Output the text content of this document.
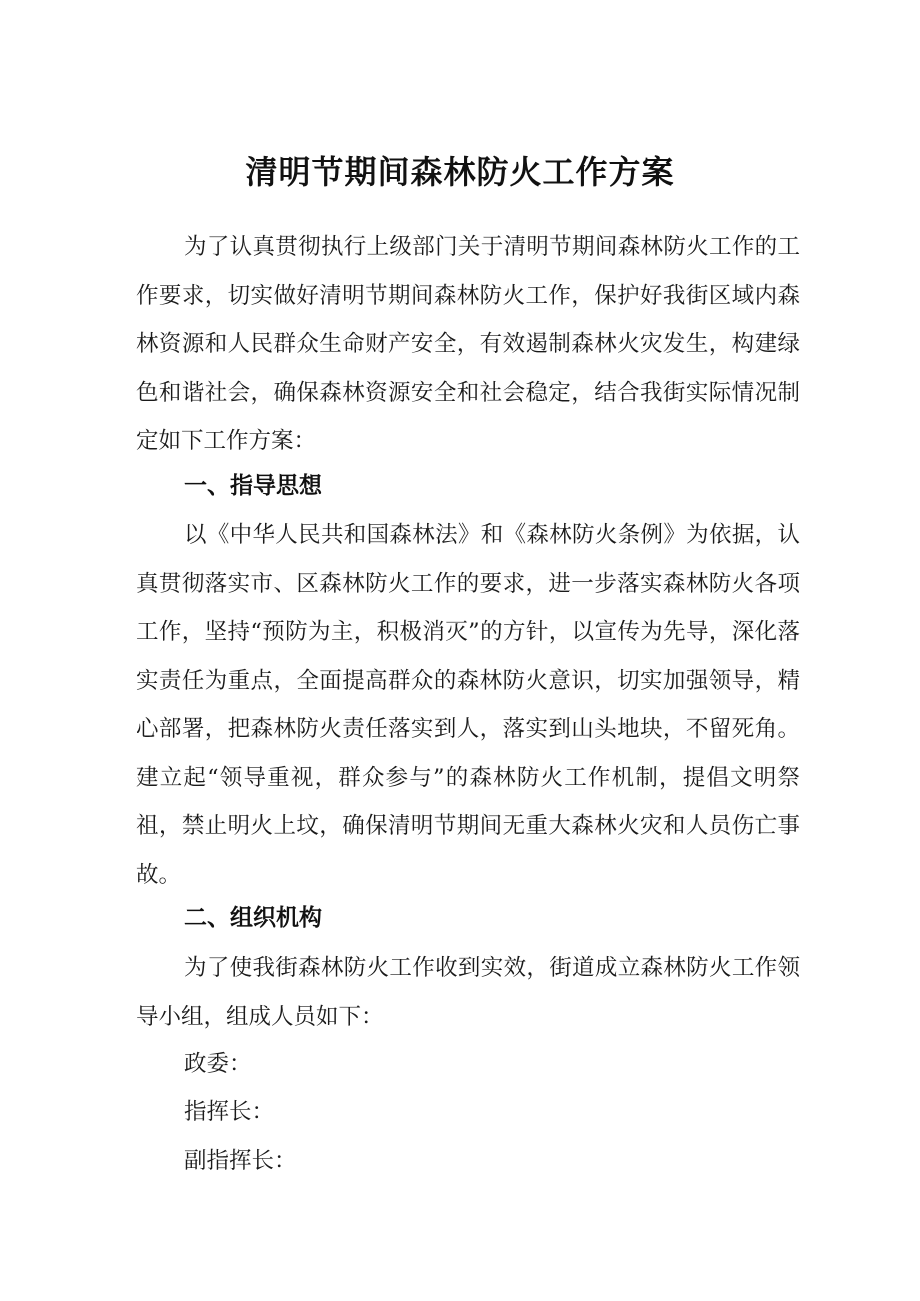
清明节期间森林防火工作方案

为了认真贯彻执行上级部门关于清明节期间森林防火工作的工作要求，切实做好清明节期间森林防火工作，保护好我街区域内森林资源和人民群众生命财产安全，有效遏制森林火灾发生，构建绿色和谐社会，确保森林资源安全和社会稳定，结合我街实际情况制定如下工作方案：

一、指导思想

以《中华人民共和国森林法》和《森林防火条例》为依据，认真贯彻落实市、区森林防火工作的要求，进一步落实森林防火各项工作，坚持“预防为主，积极消灭”的方针，以宣传为先导，深化落实责任为重点，全面提高群众的森林防火意识，切实加强领导，精心部署，把森林防火责任落实到人，落实到山头地块，不留死角。建立起“领导重视，群众参与”的森林防火工作机制，提倡文明祭祖，禁止明火上坟，确保清明节期间无重大森林火灾和人员伤亡事故。

二、组织机构

为了使我街森林防火工作收到实效，街道成立森林防火工作领导小组，组成人员如下：

政委：

指挥长：

副指挥长：
